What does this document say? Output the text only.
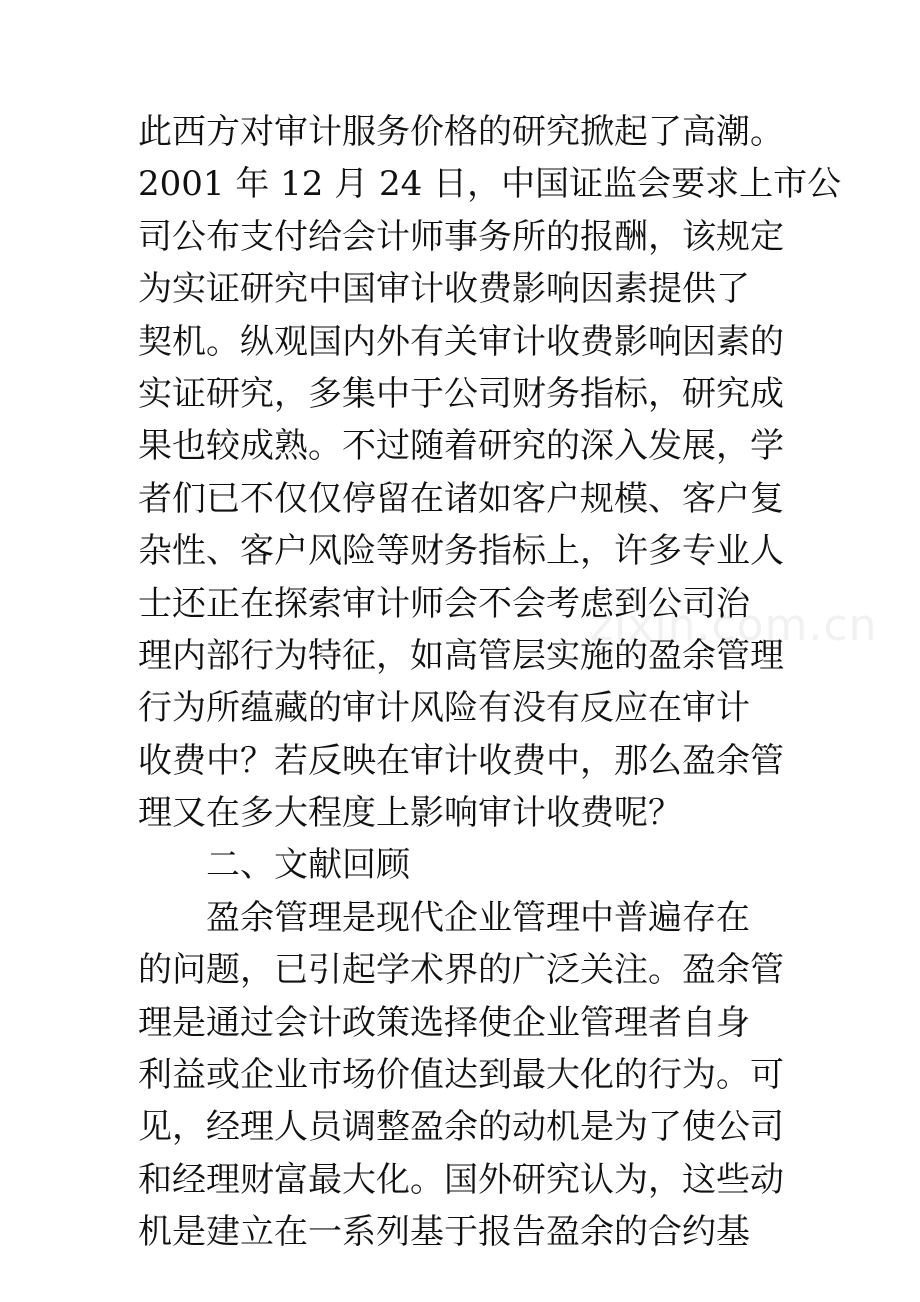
此西方对审计服务价格的研究掀起了高潮。
2001 年 12 月 24 日，中国证监会要求上市公
司公布支付给会计师事务所的报酬，该规定
为实证研究中国审计收费影响因素提供了
契机。纵观国内外有关审计收费影响因素的
实证研究，多集中于公司财务指标，研究成
果也较成熟。不过随着研究的深入发展，学
者们已不仅仅停留在诸如客户规模、客户复
杂性、客户风险等财务指标上，许多专业人
士还正在探索审计师会不会考虑到公司治
理内部行为特征，如高管层实施的盈余管理
行为所蕴藏的审计风险有没有反应在审计
收费中？若反映在审计收费中，那么盈余管
理又在多大程度上影响审计收费呢？
二、文献回顾
盈余管理是现代企业管理中普遍存在
的问题，已引起学术界的广泛关注。盈余管
理是通过会计政策选择使企业管理者自身
利益或企业市场价值达到最大化的行为。可
见，经理人员调整盈余的动机是为了使公司
和经理财富最大化。国外研究认为，这些动
机是建立在一系列基于报告盈余的合约基
zixin.com.cn
